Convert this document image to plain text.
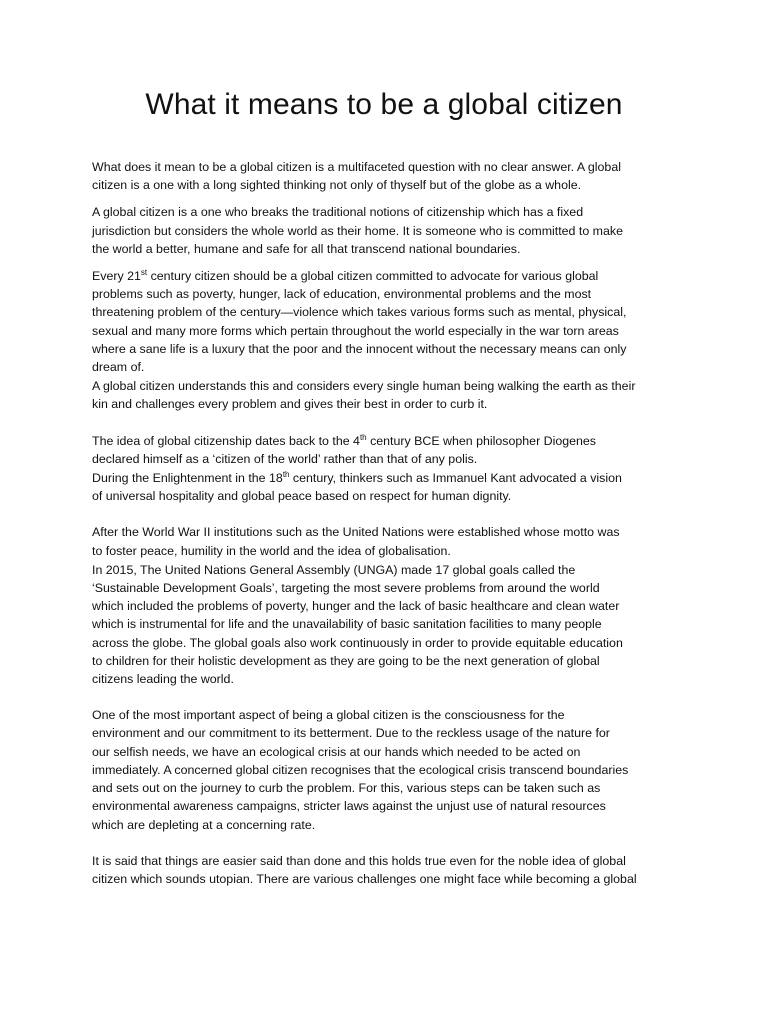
What it means to be a global citizen

What does it mean to be a global citizen is a multifaceted question with no clear answer. A global
citizen is a one with a long sighted thinking not only of thyself but of the globe as a whole.

A global citizen is a one who breaks the traditional notions of citizenship which has a fixed
jurisdiction but considers the whole world as their home. It is someone who is committed to make
the world a better, humane and safe for all that transcend national boundaries.

Every 21st century citizen should be a global citizen committed to advocate for various global
problems such as poverty, hunger, lack of education, environmental problems and the most
threatening problem of the century—violence which takes various forms such as mental, physical,
sexual and many more forms which pertain throughout the world especially in the war torn areas
where a sane life is a luxury that the poor and the innocent without the necessary means can only
dream of.

A global citizen understands this and considers every single human being walking the earth as their
kin and challenges every problem and gives their best in order to curb it.

The idea of global citizenship dates back to the 4th century BCE when philosopher Diogenes
declared himself as a ‘citizen of the world’ rather than that of any polis.

During the Enlightenment in the 18th century, thinkers such as Immanuel Kant advocated a vision
of universal hospitality and global peace based on respect for human dignity.

After the World War II institutions such as the United Nations were established whose motto was
to foster peace, humility in the world and the idea of globalisation.

In 2015, The United Nations General Assembly (UNGA) made 17 global goals called the
‘Sustainable Development Goals’, targeting the most severe problems from around the world
which included the problems of poverty, hunger and the lack of basic healthcare and clean water
which is instrumental for life and the unavailability of basic sanitation facilities to many people
across the globe. The global goals also work continuously in order to provide equitable education
to children for their holistic development as they are going to be the next generation of global
citizens leading the world.

One of the most important aspect of being a global citizen is the consciousness for the
environment and our commitment to its betterment. Due to the reckless usage of the nature for
our selfish needs, we have an ecological crisis at our hands which needed to be acted on
immediately. A concerned global citizen recognises that the ecological crisis transcend boundaries
and sets out on the journey to curb the problem. For this, various steps can be taken such as
environmental awareness campaigns, stricter laws against the unjust use of natural resources
which are depleting at a concerning rate.

It is said that things are easier said than done and this holds true even for the noble idea of global
citizen which sounds utopian. There are various challenges one might face while becoming a global
